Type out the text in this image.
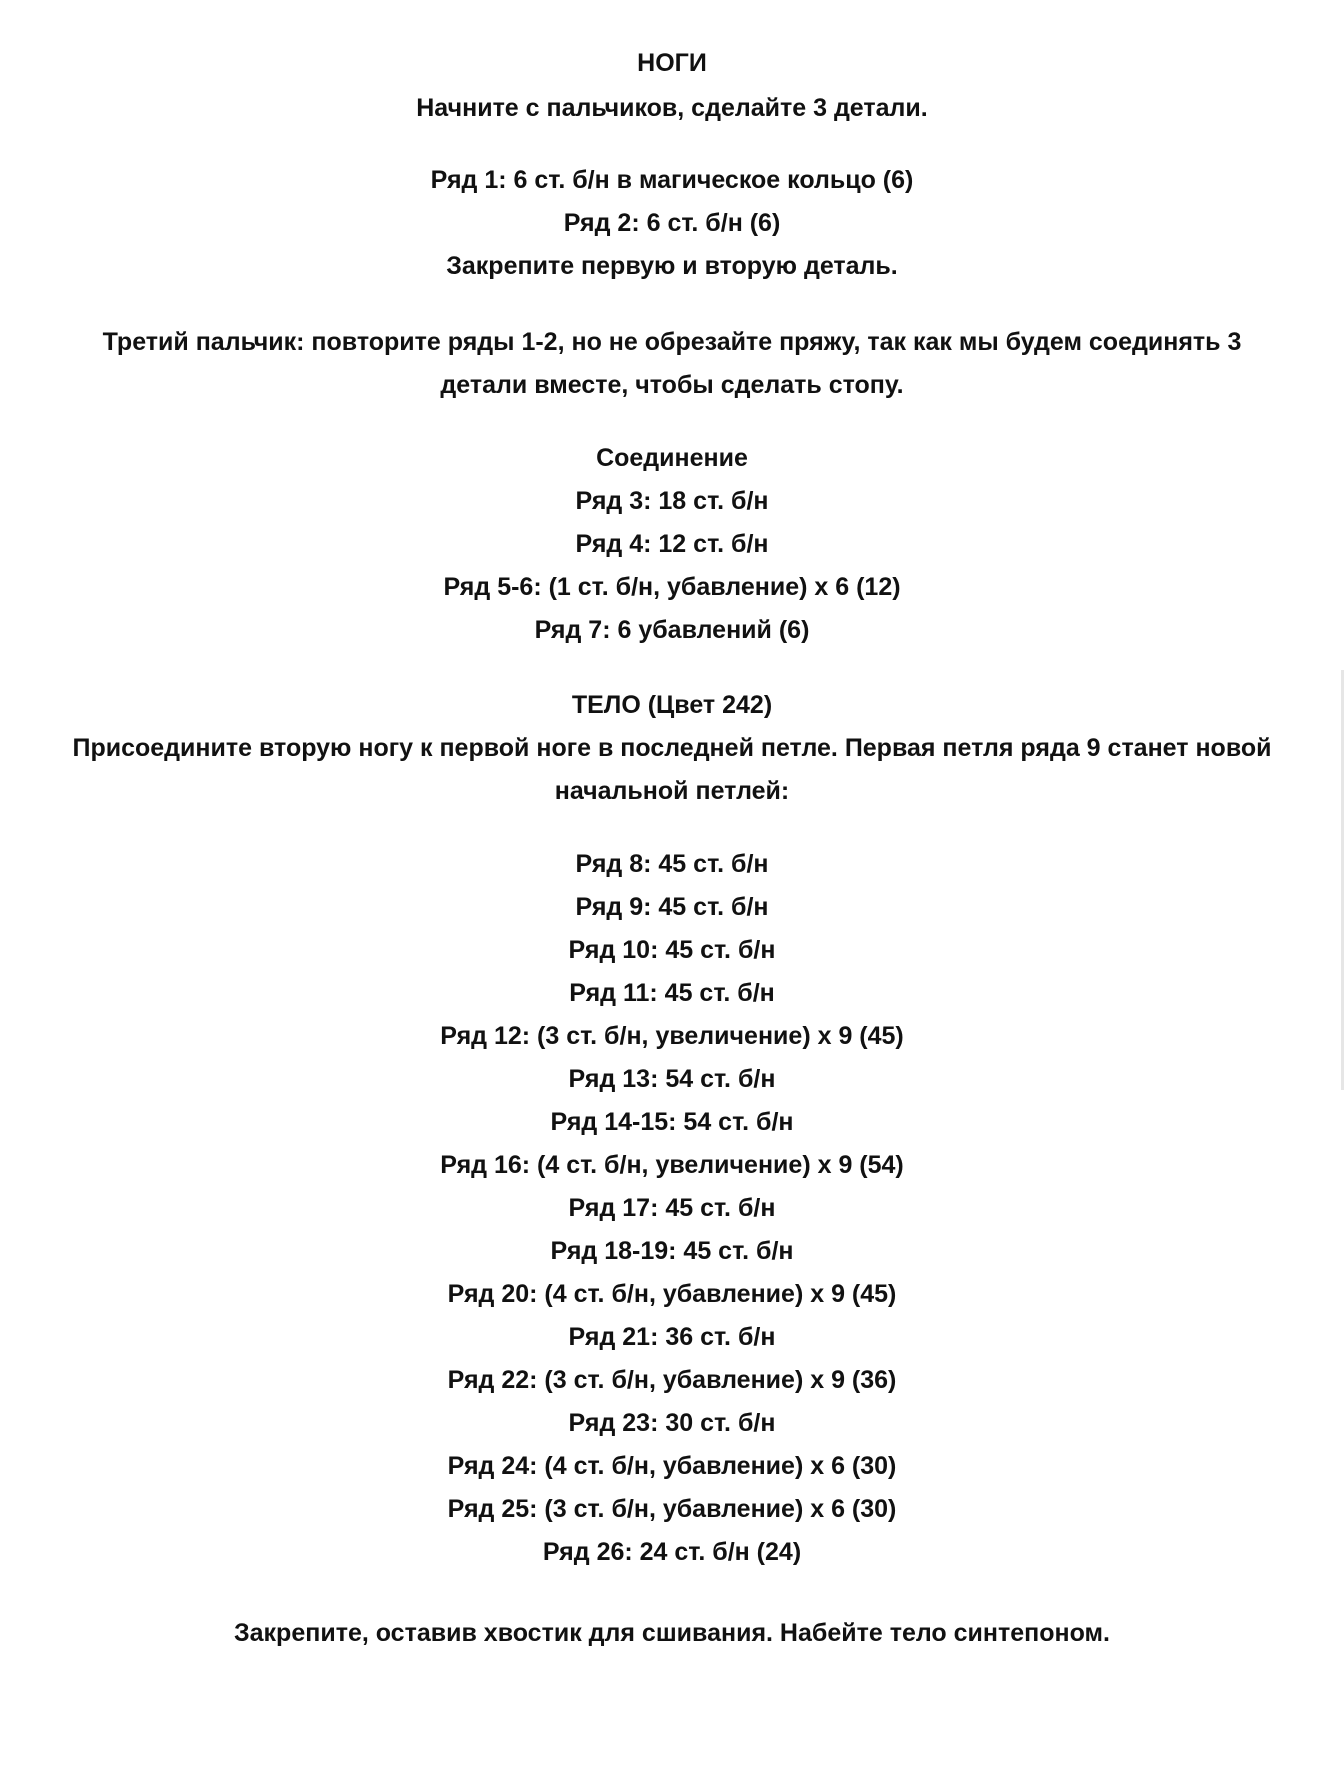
НОГИ

Начните с пальчиков, сделайте 3 детали.

Ряд 1: 6 ст. б/н в магическое кольцо (6)

Ряд 2: 6 ст. б/н (6)

Закрепите первую и вторую деталь.

Третий пальчик: повторите ряды 1-2, но не обрезайте пряжу, так как мы будем соединять 3

детали вместе, чтобы сделать стопу.

Соединение

Ряд 3: 18 ст. б/н

Ряд 4: 12 ст. б/н

Ряд 5-6: (1 ст. б/н, убавление) х 6 (12)

Ряд 7: 6 убавлений (6)

ТЕЛО (Цвет 242)

Присоедините вторую ногу к первой ноге в последней петле. Первая петля ряда 9 станет новой

начальной петлей:

Ряд 8: 45 ст. б/н

Ряд 9: 45 ст. б/н

Ряд 10: 45 ст. б/н

Ряд 11: 45 ст. б/н

Ряд 12: (3 ст. б/н, увеличение) х 9 (45)

Ряд 13: 54 ст. б/н

Ряд 14-15: 54 ст. б/н

Ряд 16: (4 ст. б/н, увеличение) х 9 (54)

Ряд 17: 45 ст. б/н

Ряд 18-19: 45 ст. б/н

Ряд 20: (4 ст. б/н, убавление) х 9 (45)

Ряд 21: 36 ст. б/н

Ряд 22: (3 ст. б/н, убавление) х 9 (36)

Ряд 23: 30 ст. б/н

Ряд 24: (4 ст. б/н, убавление) х 6 (30)

Ряд 25: (3 ст. б/н, убавление) х 6 (30)

Ряд 26: 24 ст. б/н (24)

Закрепите, оставив хвостик для сшивания. Набейте тело синтепоном.
